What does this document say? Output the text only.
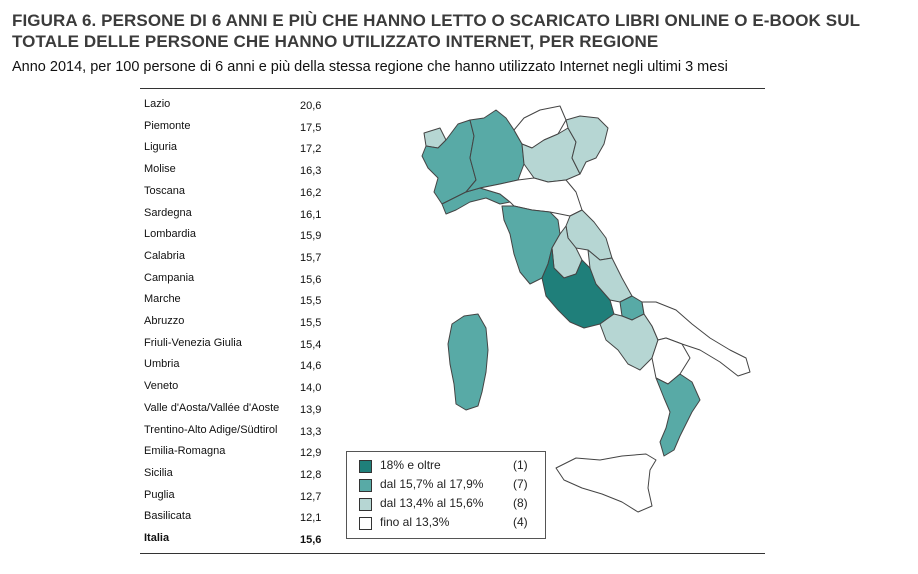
FIGURA 6. PERSONE DI 6 ANNI E PIÙ CHE HANNO LETTO O SCARICATO LIBRI ONLINE O E-BOOK SUL
TOTALE DELLE PERSONE CHE HANNO UTILIZZATO INTERNET, PER REGIONE
Anno 2014, per 100 persone di 6 anni e più della stessa regione che hanno utilizzato Internet negli ultimi 3 mesi
Lazio	20,6
Piemonte	17,5
Liguria	17,2
Molise	16,3
Toscana	16,2
Sardegna	16,1
Lombardia	15,9
Calabria	15,7
Campania	15,6
Marche	15,5
Abruzzo	15,5
Friuli-Venezia Giulia	15,4
Umbria	14,6
Veneto	14,0
Valle d'Aosta/Vallée d'Aoste 13,9
Trentino-Alto Adige/Südtirol 13,3
Emilia-Romagna	12,9
Sicilia	12,8
Puglia	12,7
Basilicata	12,1
Italia	15,6
18% e oltre	(1)
dal 15,7% al 17,9% (7)
dal 13,4% al 15,6% (8)
fino al 13,3%	(4)
